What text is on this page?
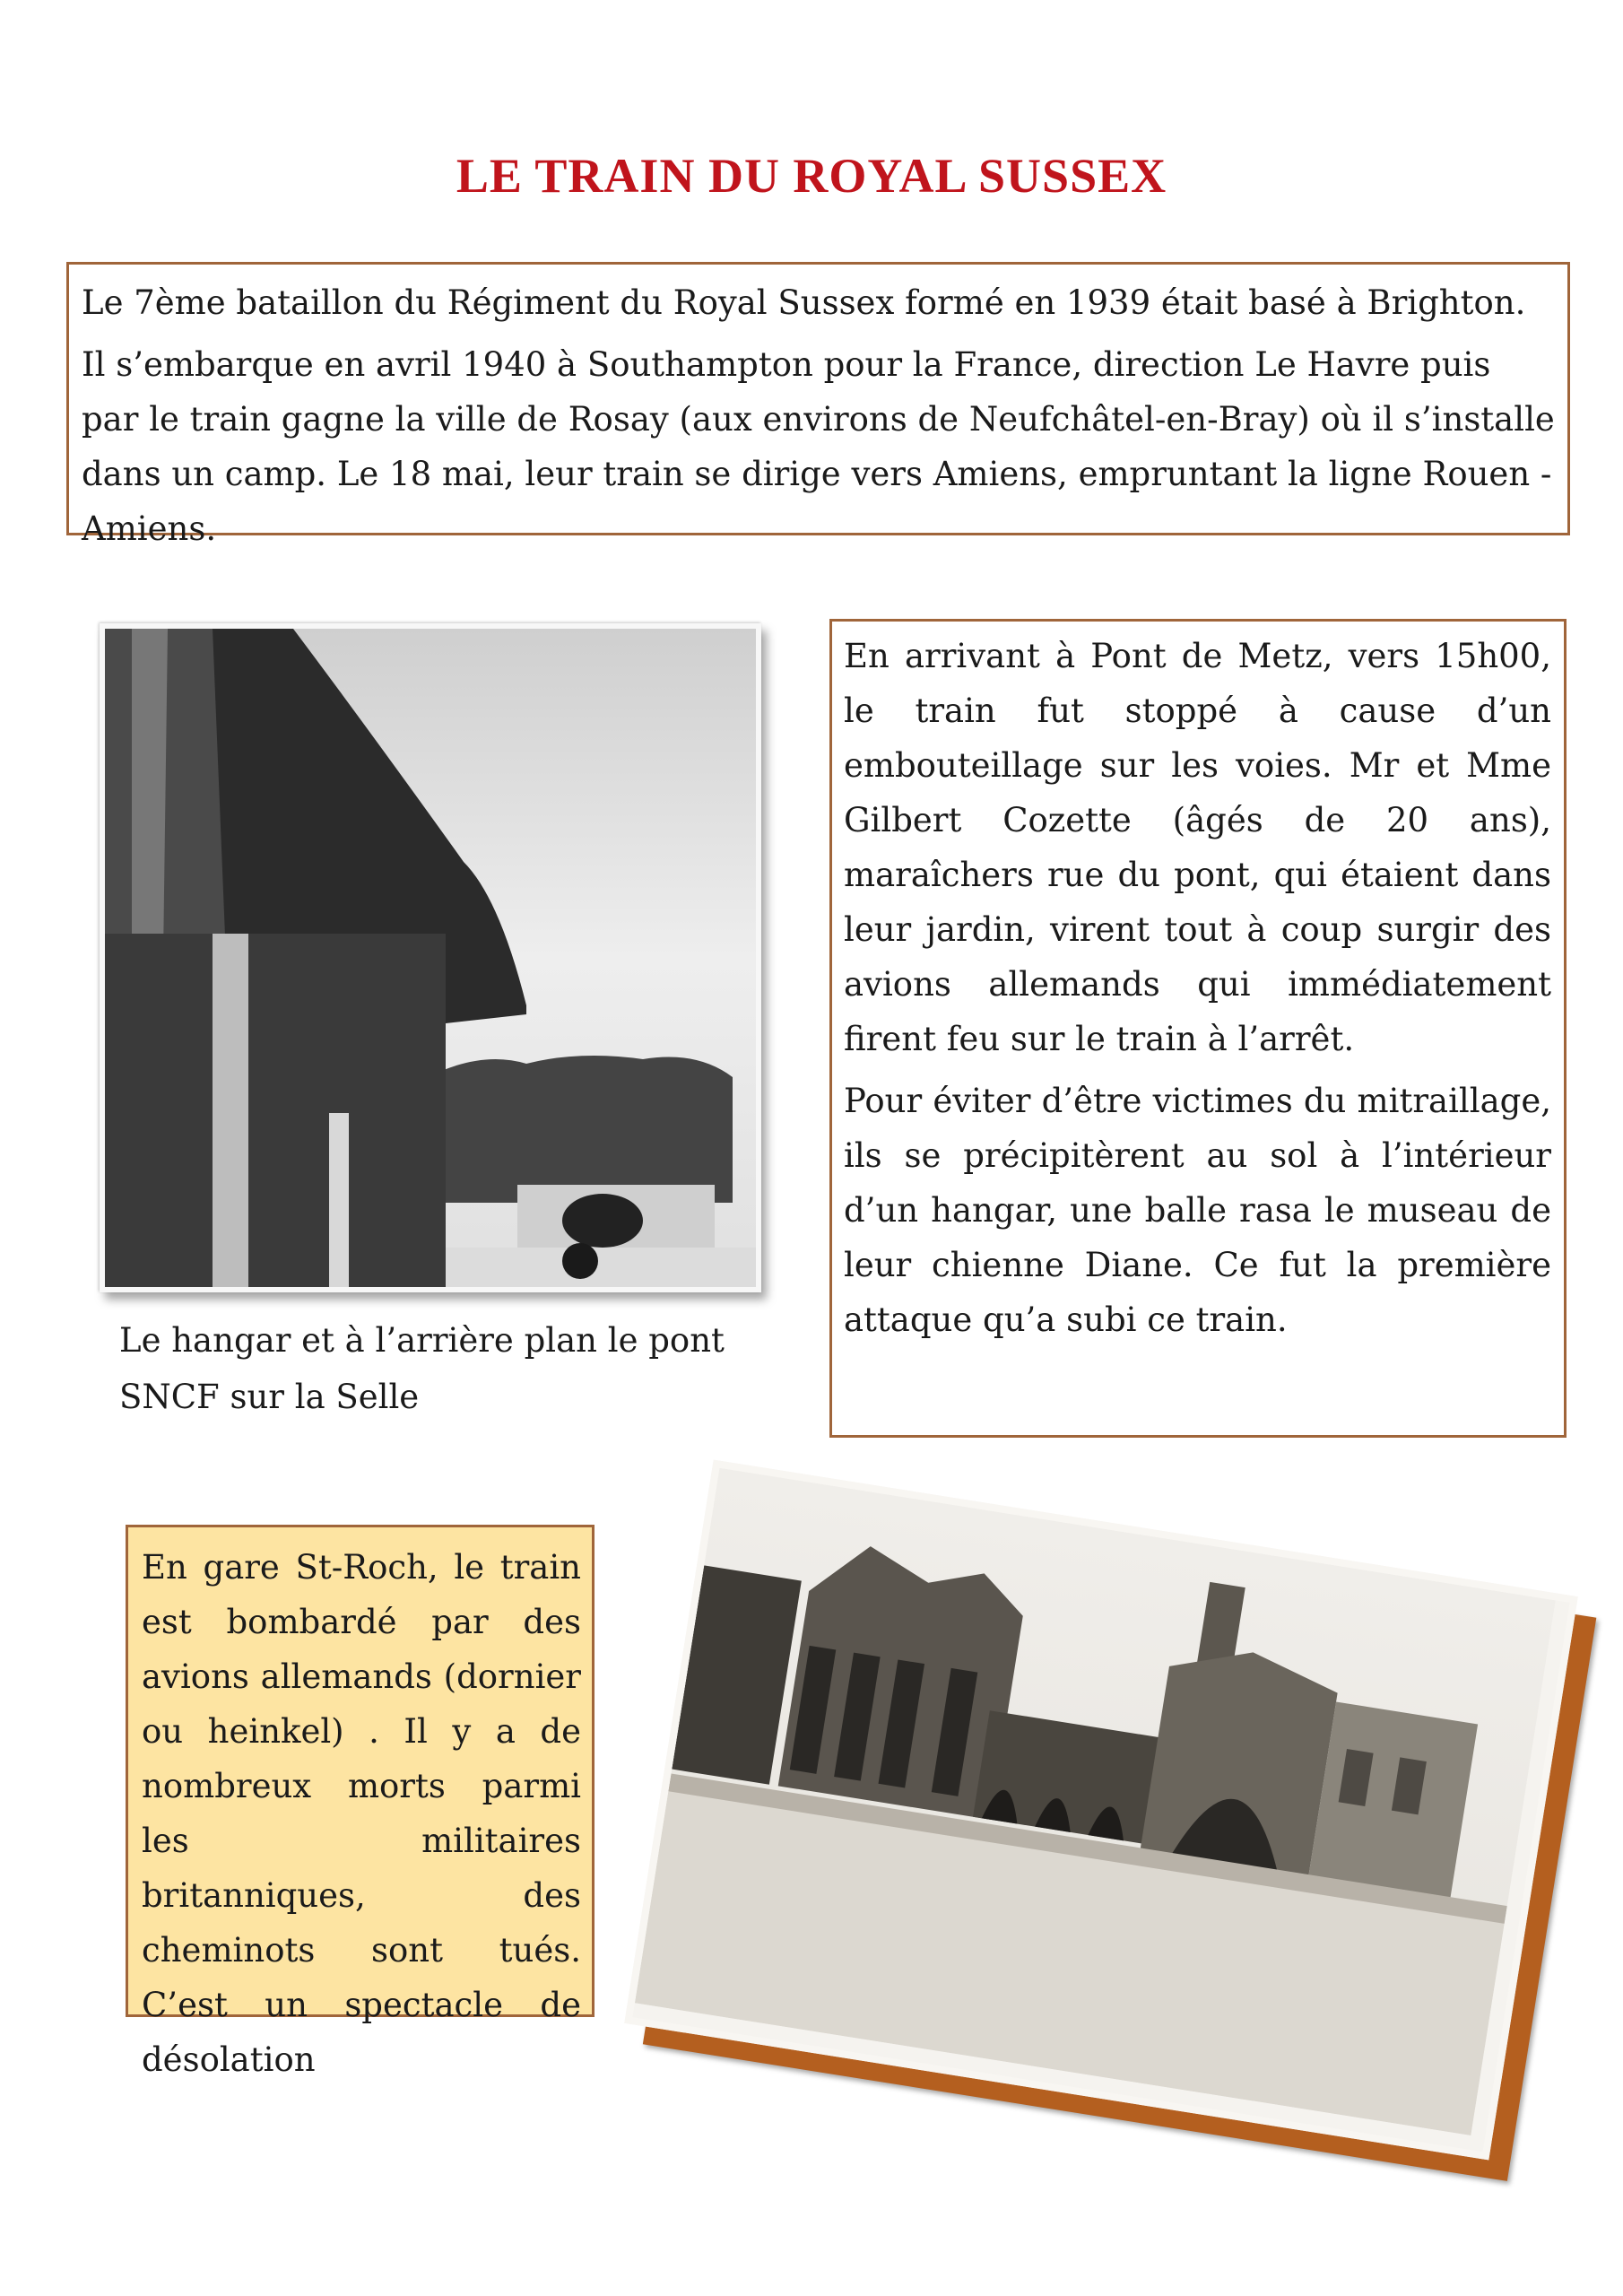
LE TRAIN DU ROYAL SUSSEX

Le 7ème bataillon du Régiment du Royal Sussex formé en 1939 était basé à Brighton.

Il s’embarque en avril 1940 à Southampton pour la France, direction Le Havre puis par le train gagne la ville de Rosay (aux environs de Neufchâtel-en-Bray) où il s’installe dans un camp. Le 18 mai, leur train se dirige vers Amiens, empruntant la ligne Rouen - Amiens.

Le hangar et à l’arrière plan le pont SNCF sur la Selle

En arrivant à Pont de Metz, vers 15h00, le train fut stoppé à cause d’un embouteillage sur les voies. Mr et Mme Gilbert Cozette (âgés de 20 ans), maraîchers rue du pont, qui étaient dans leur jardin, virent tout à coup surgir des avions allemands qui immédiatement firent feu sur le train à l’arrêt.

Pour éviter d’être victimes du mitraillage, ils se précipitèrent au sol à l’intérieur d’un hangar, une balle rasa le museau de leur chienne Diane. Ce fut la première attaque qu’a subi ce train.

En gare St-Roch, le train est bombardé par des avions allemands (dornier ou heinkel) . Il y a de nombreux morts parmi les militaires britanniques, des cheminots sont tués. C’est un spectacle de désolation
